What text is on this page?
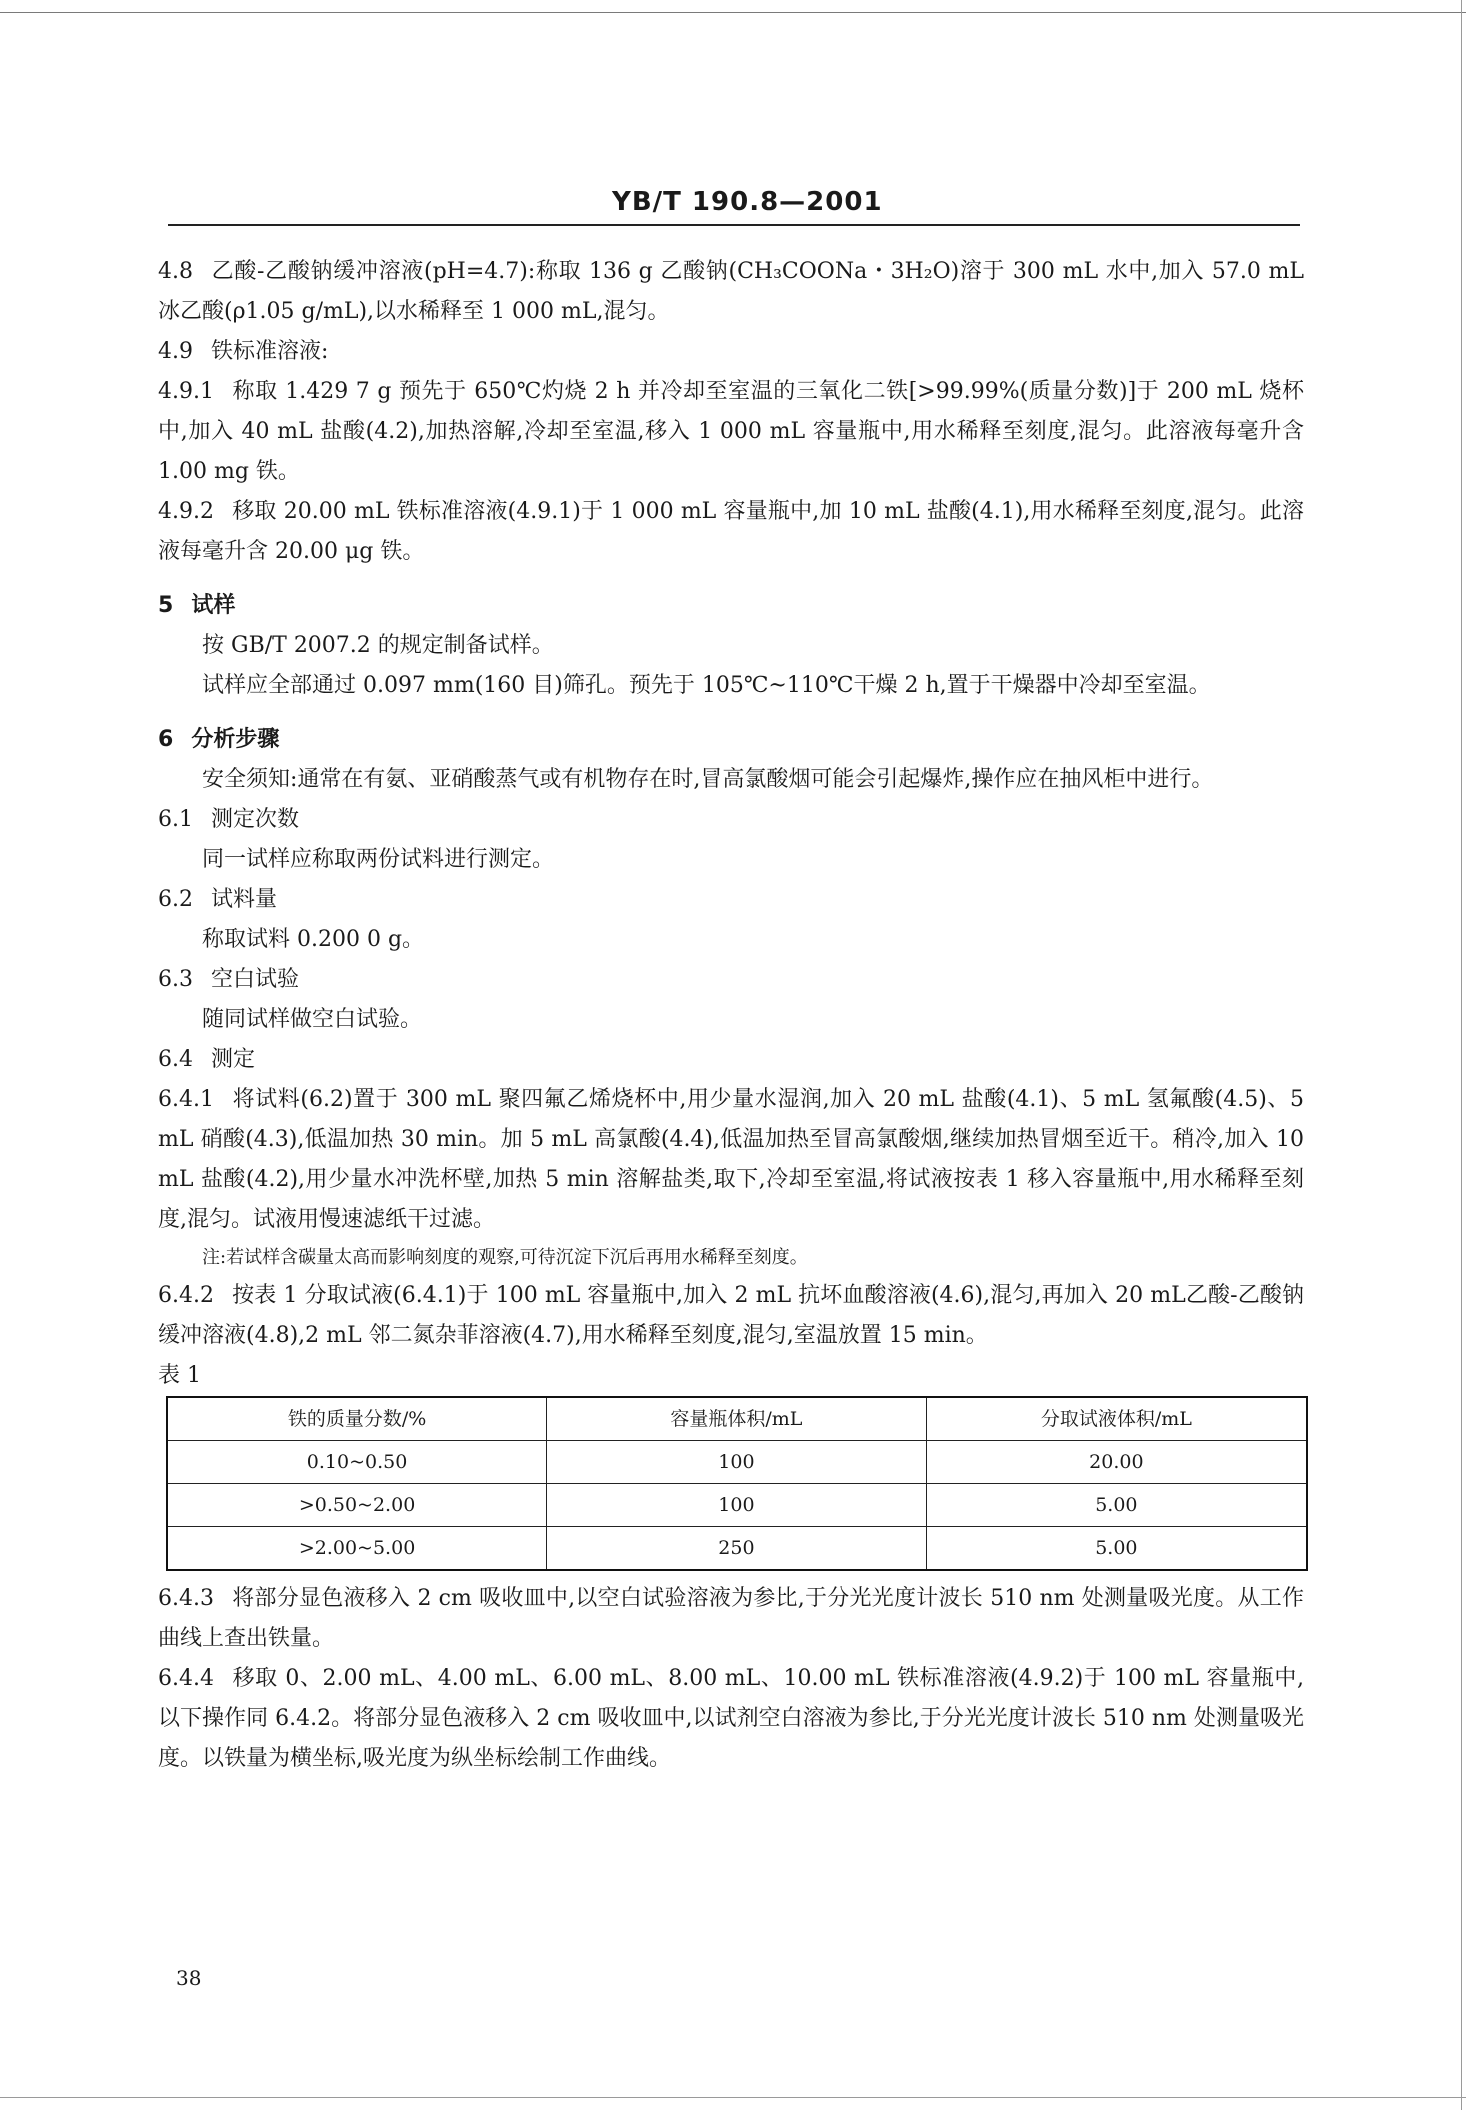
YB/T 190.8—2001

4.8 乙酸-乙酸钠缓冲溶液(pH=4.7):称取 136 g 乙酸钠(CH₃COONa・3H₂O)溶于 300 mL 水中,加入 57.0 mL 冰乙酸(ρ1.05 g/mL),以水稀释至 1 000 mL,混匀。

4.9 铁标准溶液:

4.9.1 称取 1.429 7 g 预先于 650℃灼烧 2 h 并冷却至室温的三氧化二铁[>99.99%(质量分数)]于 200 mL 烧杯中,加入 40 mL 盐酸(4.2),加热溶解,冷却至室温,移入 1 000 mL 容量瓶中,用水稀释至刻度,混匀。此溶液每毫升含 1.00 mg 铁。

4.9.2 移取 20.00 mL 铁标准溶液(4.9.1)于 1 000 mL 容量瓶中,加 10 mL 盐酸(4.1),用水稀释至刻度,混匀。此溶液每毫升含 20.00 μg 铁。

5 试样

按 GB/T 2007.2 的规定制备试样。

试样应全部通过 0.097 mm(160 目)筛孔。预先于 105℃~110℃干燥 2 h,置于干燥器中冷却至室温。

6 分析步骤

安全须知:通常在有氨、亚硝酸蒸气或有机物存在时,冒高氯酸烟可能会引起爆炸,操作应在抽风柜中进行。

6.1 测定次数

同一试样应称取两份试料进行测定。

6.2 试料量

称取试料 0.200 0 g。

6.3 空白试验

随同试样做空白试验。

6.4 测定

6.4.1 将试料(6.2)置于 300 mL 聚四氟乙烯烧杯中,用少量水湿润,加入 20 mL 盐酸(4.1)、5 mL 氢氟酸(4.5)、5 mL 硝酸(4.3),低温加热 30 min。加 5 mL 高氯酸(4.4),低温加热至冒高氯酸烟,继续加热冒烟至近干。稍冷,加入 10 mL 盐酸(4.2),用少量水冲洗杯壁,加热 5 min 溶解盐类,取下,冷却至室温,将试液按表 1 移入容量瓶中,用水稀释至刻度,混匀。试液用慢速滤纸干过滤。

注:若试样含碳量太高而影响刻度的观察,可待沉淀下沉后再用水稀释至刻度。

6.4.2 按表 1 分取试液(6.4.1)于 100 mL 容量瓶中,加入 2 mL 抗坏血酸溶液(4.6),混匀,再加入 20 mL乙酸-乙酸钠缓冲溶液(4.8),2 mL 邻二氮杂菲溶液(4.7),用水稀释至刻度,混匀,室温放置 15 min。

表 1

铁的质量分数/%	容量瓶体积/mL	分取试液体积/mL
0.10~0.50	100	20.00
>0.50~2.00	100	5.00
>2.00~5.00	250	5.00

6.4.3 将部分显色液移入 2 cm 吸收皿中,以空白试验溶液为参比,于分光光度计波长 510 nm 处测量吸光度。从工作曲线上查出铁量。

6.4.4 移取 0、2.00 mL、4.00 mL、6.00 mL、8.00 mL、10.00 mL 铁标准溶液(4.9.2)于 100 mL 容量瓶中,以下操作同 6.4.2。将部分显色液移入 2 cm 吸收皿中,以试剂空白溶液为参比,于分光光度计波长 510 nm 处测量吸光度。以铁量为横坐标,吸光度为纵坐标绘制工作曲线。

38
